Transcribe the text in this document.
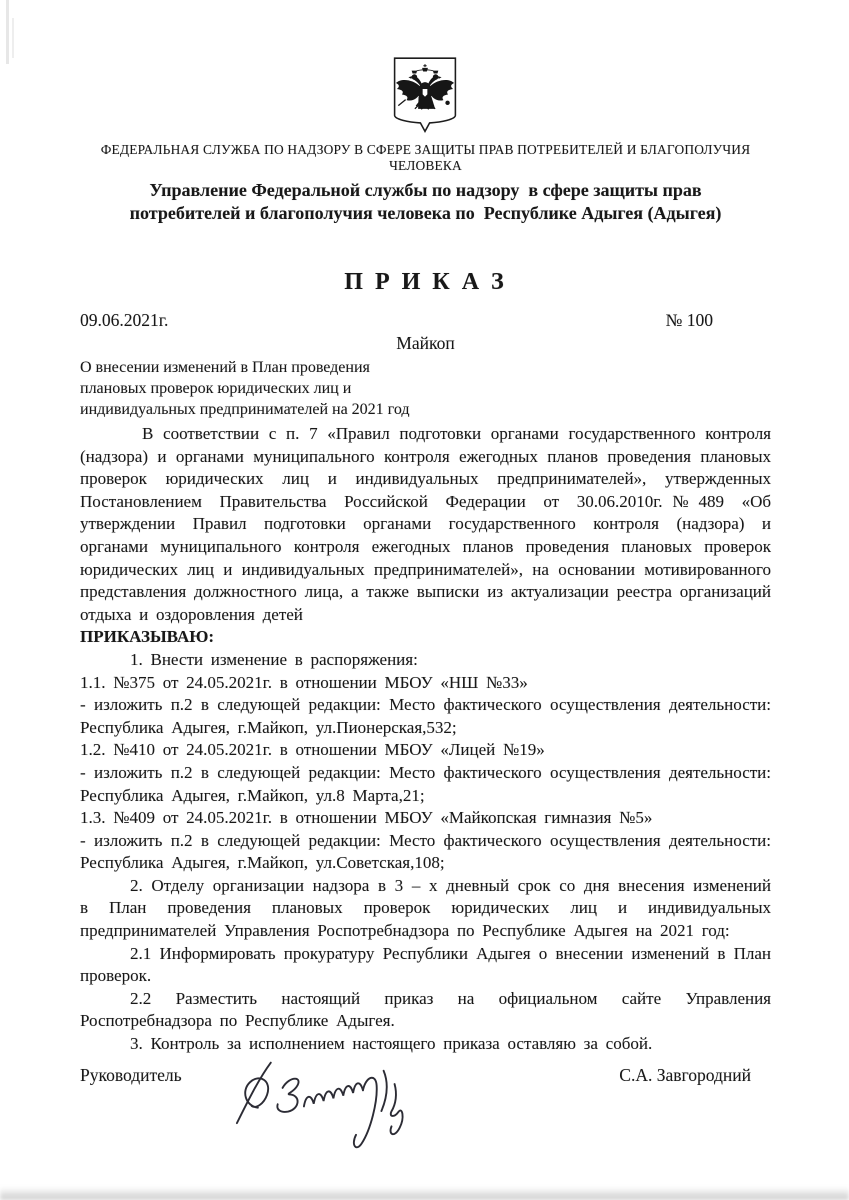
ФЕДЕРАЛЬНАЯ СЛУЖБА ПО НАДЗОРУ В СФЕРЕ ЗАЩИТЫ ПРАВ ПОТРЕБИТЕЛЕЙ И БЛАГОПОЛУЧИЯ
ЧЕЛОВЕКА
Управление Федеральной службы по надзору  в сфере защиты прав
потребителей и благополучия человека по  Республике Адыгея (Адыгея)
П Р И К А З
09.06.2021г.	№ 100
Майкоп
О внесении изменений в План проведения
плановых проверок юридических лиц и
индивидуальных предпринимателей на 2021 год

В соответствии с п. 7 «Правил подготовки органами государственного контроля (надзора) и органами муниципального контроля ежегодных планов проведения плановых проверок юридических лиц и индивидуальных предпринимателей», утвержденных Постановлением Правительства Российской Федерации от 30.06.2010г.№489 «Об утверждении Правил подготовки органами государственного контроля (надзора) и органами муниципального контроля ежегодных планов проведения плановых проверок юридических лиц и индивидуальных предпринимателей», на основании мотивированного представления должностного лица, а также выписки из актуализации реестра организаций отдыха и оздоровления детей

ПРИКАЗЫВАЮ:

1. Внести изменение в распоряжения:

1.1. №375 от 24.05.2021г. в отношении МБОУ «НШ №33»

- изложить п.2 в следующей редакции: Место фактического осуществления деятельности: Республика Адыгея, г.Майкоп, ул.Пионерская,532;

1.2. №410 от 24.05.2021г. в отношении МБОУ «Лицей №19»

- изложить п.2 в следующей редакции: Место фактического осуществления деятельности: Республика Адыгея, г.Майкоп, ул.8 Марта,21;

1.3. №409 от 24.05.2021г. в отношении МБОУ «Майкопская гимназия №5»

- изложить п.2 в следующей редакции: Место фактического осуществления деятельности: Республика Адыгея, г.Майкоп, ул.Советская,108;

2. Отделу организации надзора в 3 – х дневный срок со дня внесения изменений в План проведения плановых проверок юридических лиц и индивидуальных предпринимателей Управления Роспотребнадзора по Республике Адыгея на 2021 год:

2.1 Информировать прокуратуру Республики Адыгея о внесении изменений в План проверок.

2.2 Разместить настоящий приказ на официальном сайте Управления Роспотребнадзора по Республике Адыгея.

3. Контроль за исполнением настоящего приказа оставляю за собой.

Руководитель	С.А. Завгородний
